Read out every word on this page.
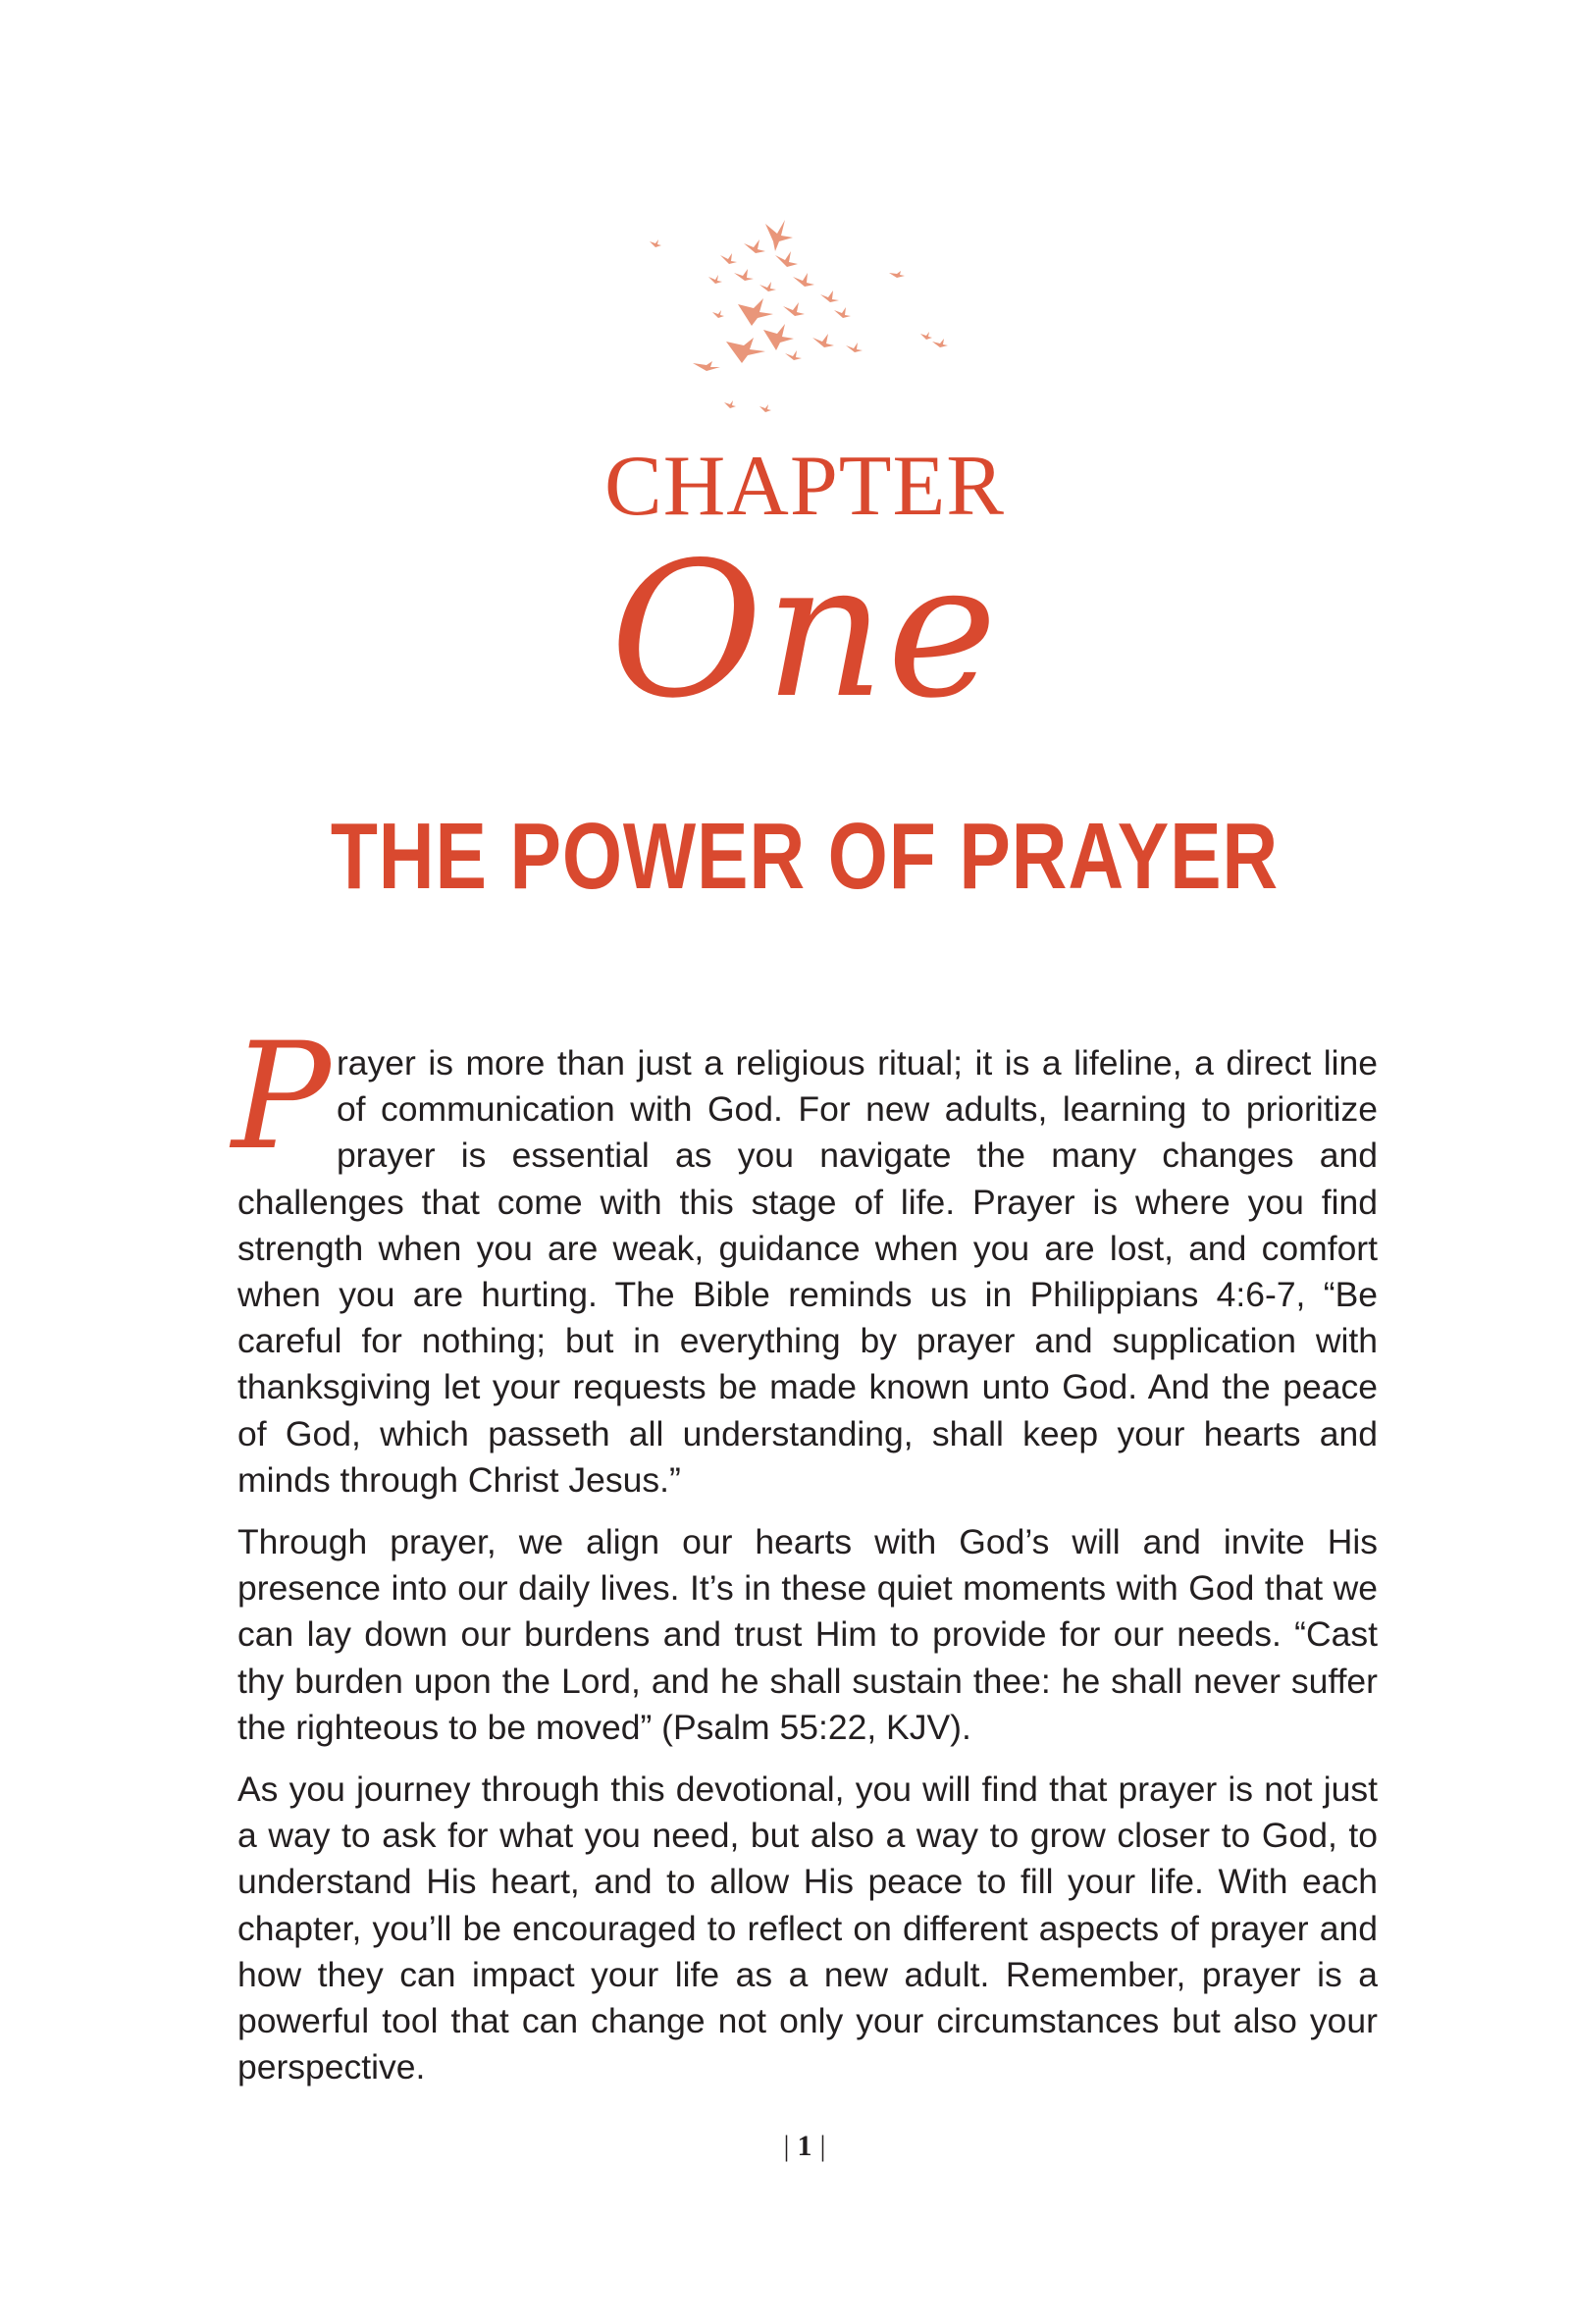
CHAPTER
One
THE POWER OF PRAYER

Prayer is more than just a religious ritual; it is a lifeline, a direct line of communication with God. For new adults, learning to prioritize prayer is essential as you navigate the many changes and challenges that come with this stage of life. Prayer is where you find strength when you are weak, guidance when you are lost, and comfort when you are hurting. The Bible reminds us in Philippians 4:6-7, “Be careful for nothing; but in everything by prayer and supplication with thanksgiving let your requests be made known unto God. And the peace of God, which passeth all understanding, shall keep your hearts and minds through Christ Jesus.”

Through prayer, we align our hearts with God’s will and invite His presence into our daily lives. It’s in these quiet moments with God that we can lay down our burdens and trust Him to provide for our needs. “Cast thy burden upon the Lord, and he shall sustain thee: he shall never suffer the righteous to be moved” (Psalm 55:22, KJV).

As you journey through this devotional, you will find that prayer is not just a way to ask for what you need, but also a way to grow closer to God, to understand His heart, and to allow His peace to fill your life. With each chapter, you’ll be encouraged to reflect on different aspects of prayer and how they can impact your life as a new adult. Remember, prayer is a powerful tool that can change not only your circumstances but also your perspective.

| 1 |
